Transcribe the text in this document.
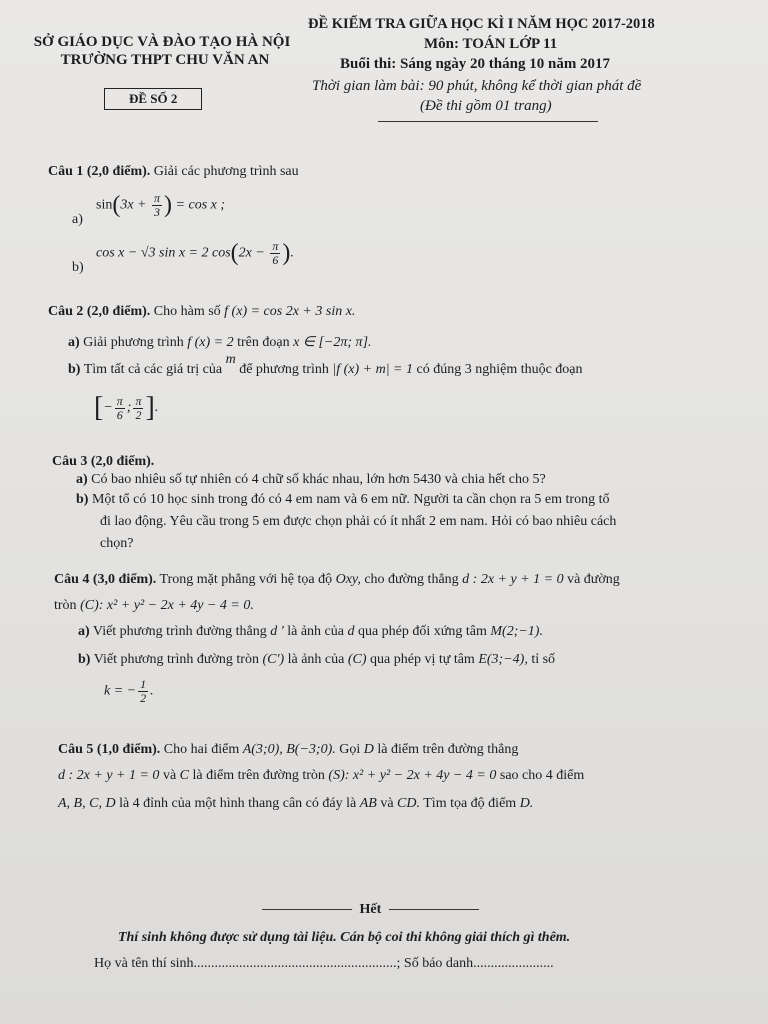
SỞ GIÁO DỤC VÀ ĐÀO TẠO HÀ NỘI
TRƯỜNG THPT CHU VĂN AN
ĐỀ SỐ 2
ĐỀ KIỂM TRA GIỮA HỌC KÌ I NĂM HỌC 2017-2018
Môn: TOÁN LỚP 11
Buổi thi: Sáng ngày 20 tháng 10 năm 2017
Thời gian làm bài: 90 phút, không kể thời gian phát đề
(Đề thi gồm 01 trang)
Câu 1 (2,0 điểm). Giải các phương trình sau
a)
$\sin(3x + \frac{\pi}{3}$ ) = cos x ;
b)
cos x − √3 sin x = 2 $\cos(2x - \frac{\pi}{6}$ ).
Câu 2 (2,0 điểm). Cho hàm số f (x) = cos 2x + 3 sin x.
a) Giải phương trình f (x) = 2 trên đoạn x ∈ [−2π; π].
b) Tìm tất cả các giá trị của m để phương trình |f (x) + m| = 1 có đúng 3 nghiệm thuộc đoạn
[− $\frac{\pi}{6}$ ; $\frac{\pi}{2}$ ].
Câu 3 (2,0 điểm).
a) Có bao nhiêu số tự nhiên có 4 chữ số khác nhau, lớn hơn 5430 và chia hết cho 5?
b) Một tổ có 10 học sinh trong đó có 4 em nam và 6 em nữ. Người ta cần chọn ra 5 em trong tổ
đi lao động. Yêu cầu trong 5 em được chọn phải có ít nhất 2 em nam. Hỏi có bao nhiêu cách
chọn?
Câu 4 (3,0 điểm). Trong mặt phẳng với hệ tọa độ Oxy, cho đường thẳng d : 2x + y + 1 = 0 và đường
tròn (C): x² + y² − 2x + 4y − 4 = 0.
a) Viết phương trình đường thẳng d ' là ảnh của d qua phép đối xứng tâm M(2;−1).
b) Viết phương trình đường tròn (C') là ảnh của (C) qua phép vị tự tâm E(3;−4), tỉ số
k = − $\frac{1}{2}$ .
Câu 5 (1,0 điểm). Cho hai điểm A(3;0), B(−3;0). Gọi D là điểm trên đường thẳng
d : 2x + y + 1 = 0 và C là điểm trên đường tròn (S): x² + y² − 2x + 4y − 4 = 0 sao cho 4 điểm
A, B, C, D là 4 đỉnh của một hình thang cân có đáy là AB và CD. Tìm tọa độ điểm D.
Hết
Thí sinh không được sử dụng tài liệu. Cán bộ coi thi không giải thích gì thêm.
Họ và tên thí sinh..........................................................; Số báo danh.......................
